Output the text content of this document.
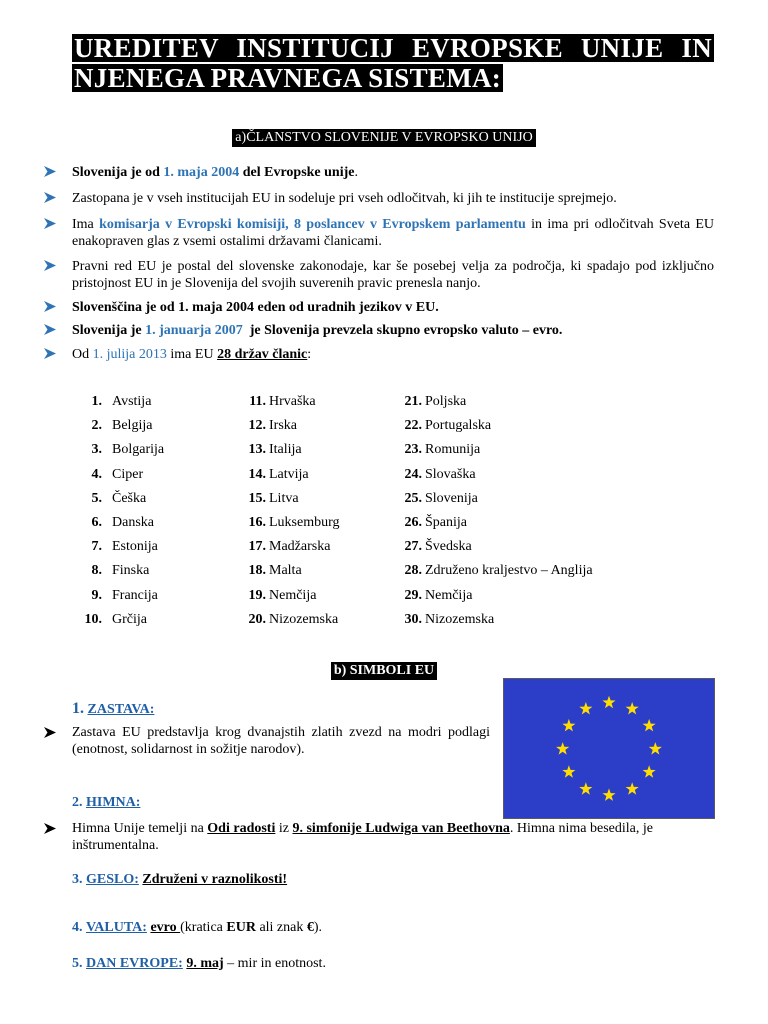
UREDITEV INSTITUCIJ EVROPSKE UNIJE IN
NJENEGA PRAVNEGA SISTEMA:
a)ČLANSTVO SLOVENIJE V EVROPSKO UNIJO
Slovenija je od 1. maja 2004 del Evropske unije.
Zastopana je v vseh institucijah EU in sodeluje pri vseh odločitvah, ki jih te institucije sprejmejo.
Ima komisarja v Evropski komisiji, 8 poslancev v Evropskem parlamentu in ima pri odločitvah Sveta EU enakopraven glas z vsemi ostalimi državami članicami.
Pravni red EU je postal del slovenske zakonodaje, kar še posebej velja za področja, ki spadajo pod izključno pristojnost EU in je Slovenija del svojih suverenih pravic prenesla nanjo.
Slovenščina je od 1. maja 2004 eden od uradnih jezikov v EU.
Slovenija je 1. januarja 2007  je Slovenija prevzela skupno evropsko valuto – evro.
Od 1. julija 2013 ima EU 28 držav članic:
1. Avstija
2. Belgija
3. Bolgarija
4. Ciper
5. Češka
6. Danska
7. Estonija
8. Finska
9. Francija
10. Grčija
11. Hrvaška
12. Irska
13. Italija
14. Latvija
15. Litva
16. Luksemburg
17. Madžarska
18. Malta
19. Nemčija
20. Nizozemska
21. Poljska
22. Portugalska
23. Romunija
24. Slovaška
25. Slovenija
26. Španija
27. Švedska
28. Združeno kraljestvo – Anglija
29. Nemčija
30. Nizozemska
b) SIMBOLI EU
1. ZASTAVA:
Zastava EU predstavlja krog dvanajstih zlatih zvezd na modri podlagi (enotnost, solidarnost in sožitje narodov).
2. HIMNA:
Himna Unije temelji na Odi radosti iz 9. simfonije Ludwiga van Beethovna. Himna nima besedila, je inštrumentalna.
3. GESLO: Združeni v raznolikosti!
4. VALUTA: evro (kratica EUR ali znak €).
5. DAN EVROPE: 9. maj – mir in enotnost.
